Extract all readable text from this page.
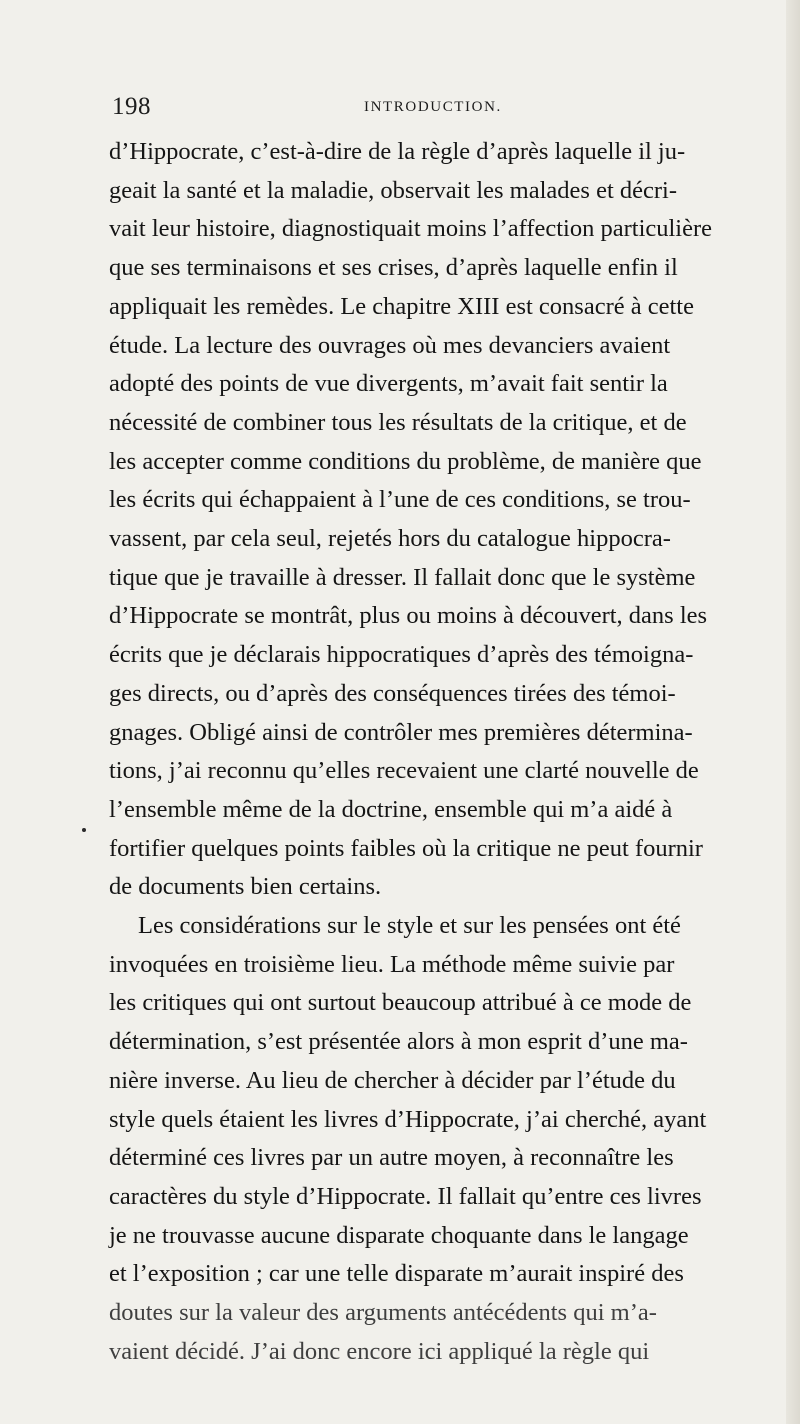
198	INTRODUCTION.
d’Hippocrate, c’est-à-dire de la règle d’après laquelle il ju-
geait la santé et la maladie, observait les malades et décri-
vait leur histoire, diagnostiquait moins l’affection particulière
que ses terminaisons et ses crises, d’après laquelle enfin il
appliquait les remèdes. Le chapitre XIII est consacré à cette
étude. La lecture des ouvrages où mes devanciers avaient
adopté des points de vue divergents, m’avait fait sentir la
nécessité de combiner tous les résultats de la critique, et de
les accepter comme conditions du problème, de manière que
les écrits qui échappaient à l’une de ces conditions, se trou-
vassent, par cela seul, rejetés hors du catalogue hippocra-
tique que je travaille à dresser. Il fallait donc que le système
d’Hippocrate se montrât, plus ou moins à découvert, dans les
écrits que je déclarais hippocratiques d’après des témoigna-
ges directs, ou d’après des conséquences tirées des témoi-
gnages. Obligé ainsi de contrôler mes premières détermina-
tions, j’ai reconnu qu’elles recevaient une clarté nouvelle de
l’ensemble même de la doctrine, ensemble qui m’a aidé à
fortifier quelques points faibles où la critique ne peut fournir
de documents bien certains.
Les considérations sur le style et sur les pensées ont été
invoquées en troisième lieu. La méthode même suivie par
les critiques qui ont surtout beaucoup attribué à ce mode de
détermination, s’est présentée alors à mon esprit d’une ma-
nière inverse. Au lieu de chercher à décider par l’étude du
style quels étaient les livres d’Hippocrate, j’ai cherché, ayant
déterminé ces livres par un autre moyen, à reconnaître les
caractères du style d’Hippocrate. Il fallait qu’entre ces livres
je ne trouvasse aucune disparate choquante dans le langage
et l’exposition ; car une telle disparate m’aurait inspiré des
doutes sur la valeur des arguments antécédents qui m’a-
vaient décidé. J’ai donc encore ici appliqué la règle qui
